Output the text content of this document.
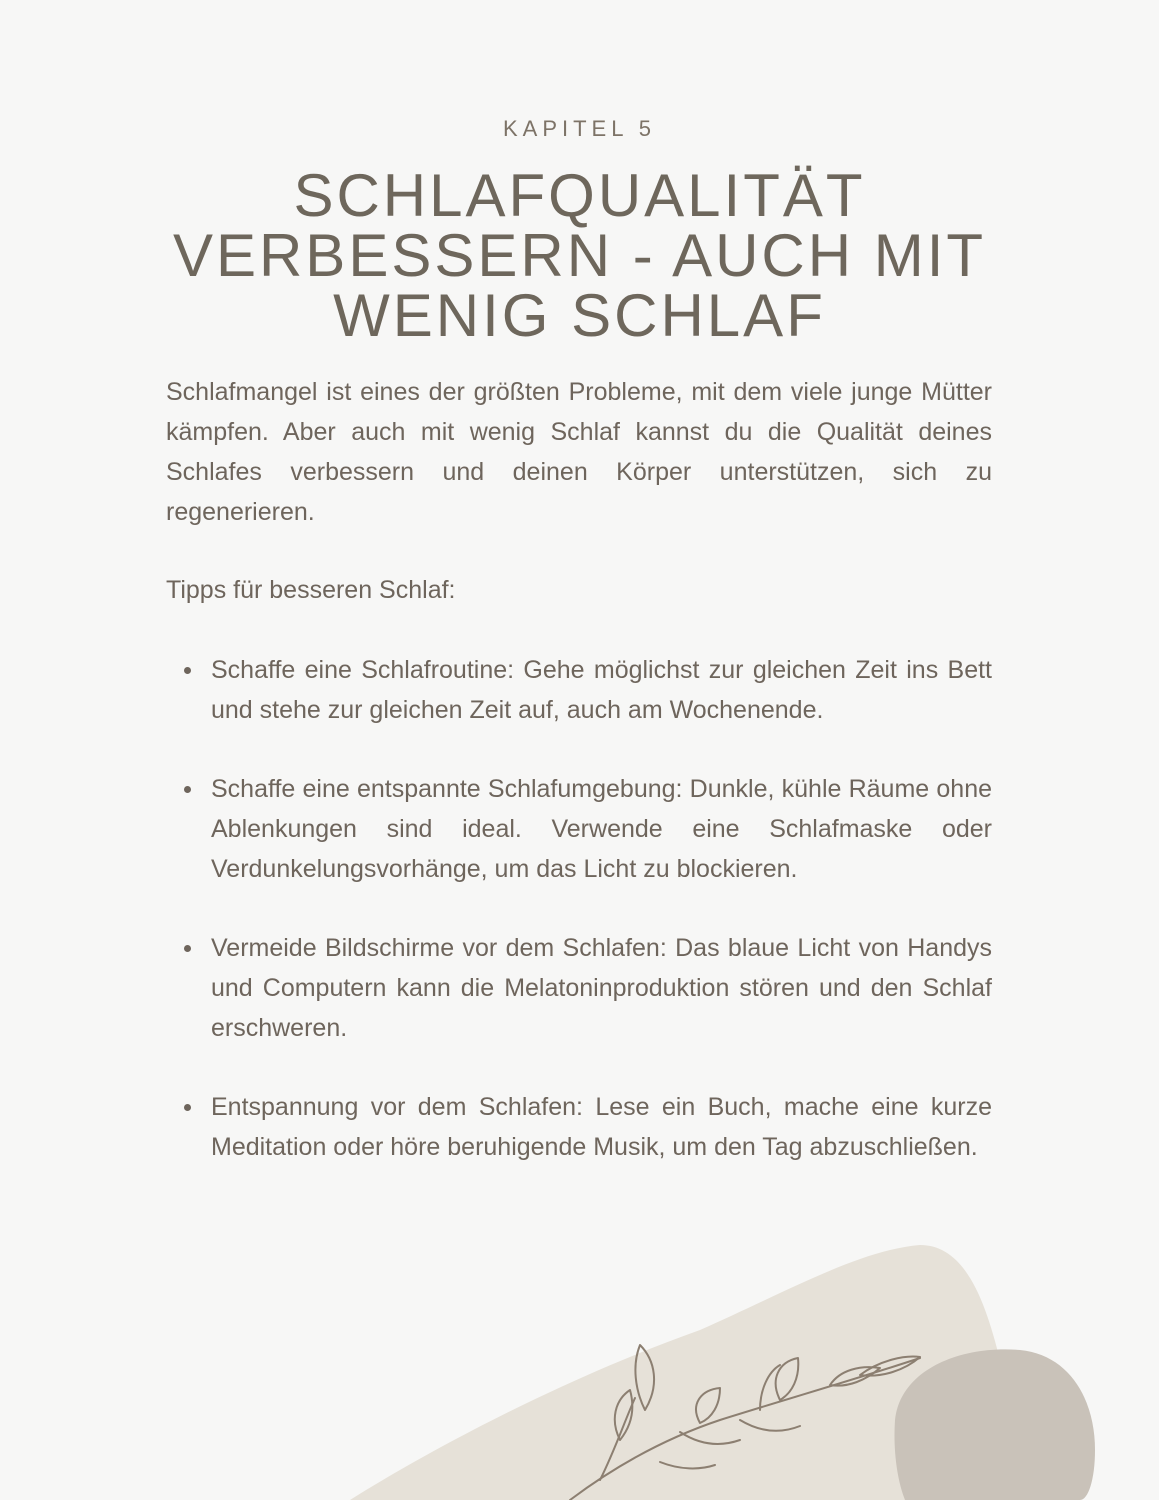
KAPITEL 5
SCHLAFQUALITÄT VERBESSERN - AUCH MIT WENIG SCHLAF
Schlafmangel ist eines der größten Probleme, mit dem viele junge Mütter kämpfen. Aber auch mit wenig Schlaf kannst du die Qualität deines Schlafes verbessern und deinen Körper unterstützen, sich zu regenerieren.
Tipps für besseren Schlaf:
Schaffe eine Schlafroutine: Gehe möglichst zur gleichen Zeit ins Bett und stehe zur gleichen Zeit auf, auch am Wochenende.
Schaffe eine entspannte Schlafumgebung: Dunkle, kühle Räume ohne Ablenkungen sind ideal. Verwende eine Schlafmaske oder Verdunkelungsvorhänge, um das Licht zu blockieren.
Vermeide Bildschirme vor dem Schlafen: Das blaue Licht von Handys und Computern kann die Melatoninproduktion stören und den Schlaf erschweren.
Entspannung vor dem Schlafen: Lese ein Buch, mache eine kurze Meditation oder höre beruhigende Musik, um den Tag abzuschließen.
